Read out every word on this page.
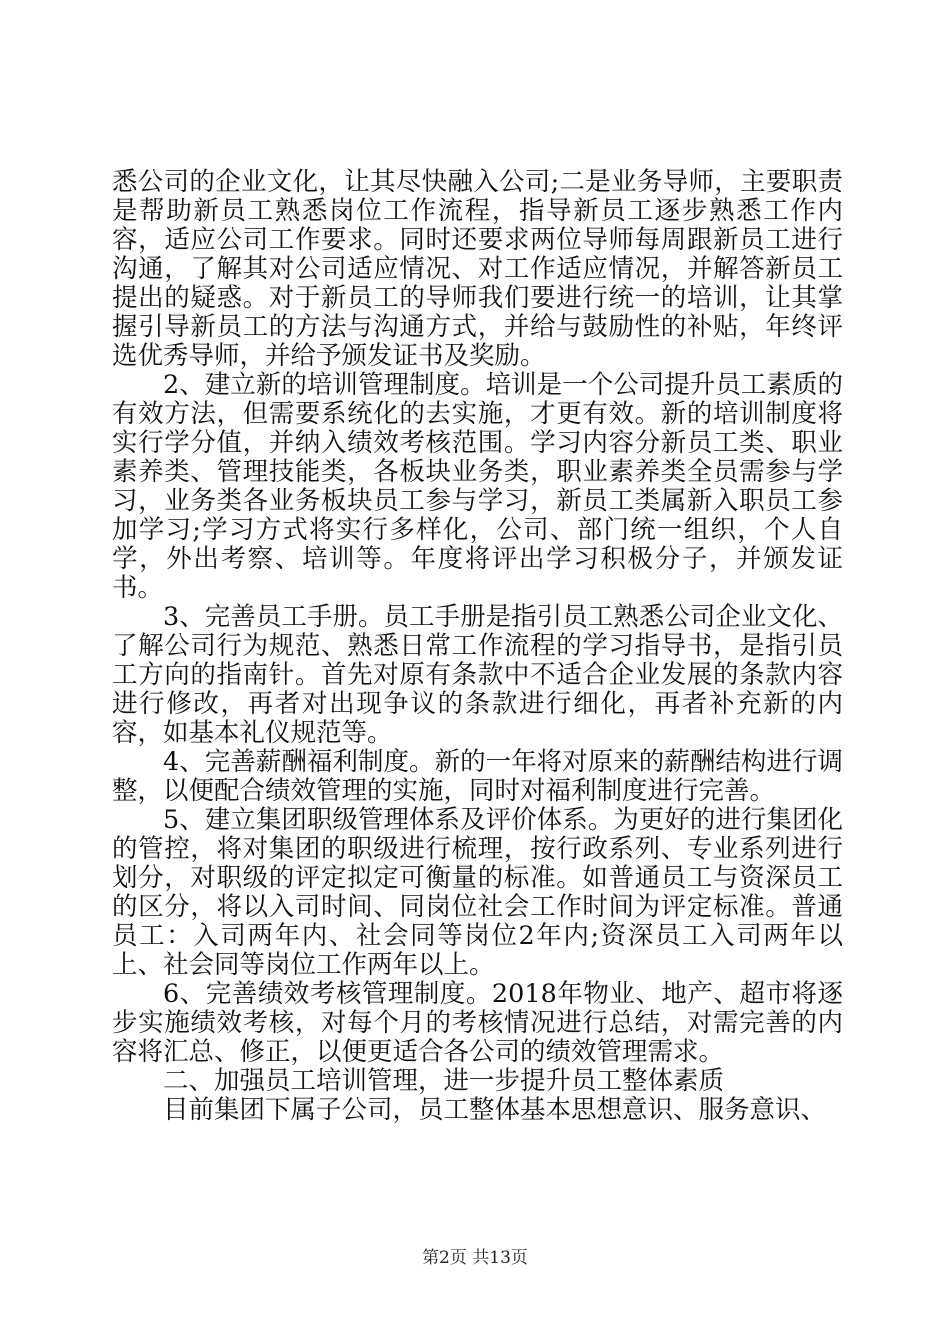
悉公司的企业文化，让其尽快融入公司;二是业务导师，主要职责是帮助新员工熟悉岗位工作流程，指导新员工逐步熟悉工作内容，适应公司工作要求。同时还要求两位导师每周跟新员工进行沟通，了解其对公司适应情况、对工作适应情况，并解答新员工提出的疑惑。对于新员工的导师我们要进行统一的培训，让其掌握引导新员工的方法与沟通方式，并给与鼓励性的补贴，年终评选优秀导师，并给予颁发证书及奖励。

2、建立新的培训管理制度。培训是一个公司提升员工素质的有效方法，但需要系统化的去实施，才更有效。新的培训制度将实行学分值，并纳入绩效考核范围。学习内容分新员工类、职业素养类、管理技能类，各板块业务类，职业素养类全员需参与学习，业务类各业务板块员工参与学习，新员工类属新入职员工参加学习;学习方式将实行多样化，公司、部门统一组织，个人自学，外出考察、培训等。年度将评出学习积极分子，并颁发证书。

3、完善员工手册。员工手册是指引员工熟悉公司企业文化、了解公司行为规范、熟悉日常工作流程的学习指导书，是指引员工方向的指南针。首先对原有条款中不适合企业发展的条款内容进行修改，再者对出现争议的条款进行细化，再者补充新的内容，如基本礼仪规范等。

4、完善薪酬福利制度。新的一年将对原来的薪酬结构进行调整，以便配合绩效管理的实施，同时对福利制度进行完善。

5、建立集团职级管理体系及评价体系。为更好的进行集团化的管控，将对集团的职级进行梳理，按行政系列、专业系列进行划分，对职级的评定拟定可衡量的标准。如普通员工与资深员工的区分，将以入司时间、同岗位社会工作时间为评定标准。普通员工：入司两年内、社会同等岗位2年内;资深员工入司两年以上、社会同等岗位工作两年以上。

6、完善绩效考核管理制度。2018年物业、地产、超市将逐步实施绩效考核，对每个月的考核情况进行总结，对需完善的内容将汇总、修正，以便更适合各公司的绩效管理需求。

二、加强员工培训管理，进一步提升员工整体素质

目前集团下属子公司，员工整体基本思想意识、服务意识、

第2页 共13页
